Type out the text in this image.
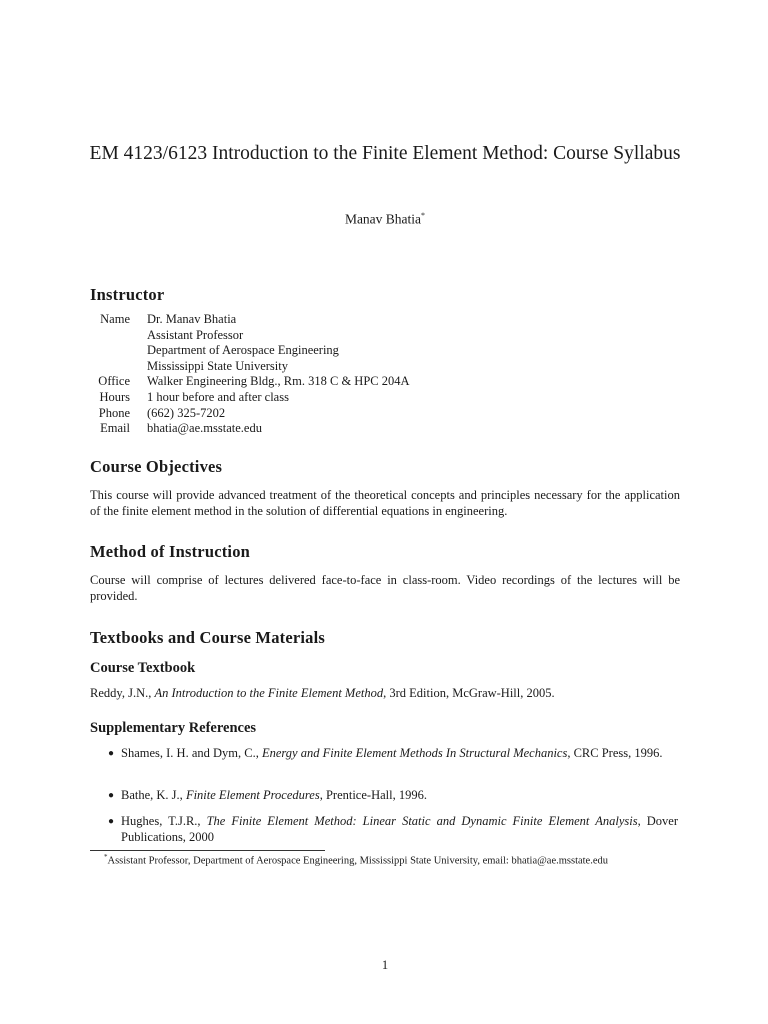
EM 4123/6123 Introduction to the Finite Element Method: Course Syllabus
Manav Bhatia*
Instructor
Name	Dr. Manav Bhatia
	Assistant Professor
	Department of Aerospace Engineering
	Mississippi State University
Office	Walker Engineering Bldg., Rm. 318 C & HPC 204A
Hours	1 hour before and after class
Phone	(662) 325-7202
Email	bhatia@ae.msstate.edu
Course Objectives
This course will provide advanced treatment of the theoretical concepts and principles necessary for the application of the finite element method in the solution of differential equations in engineering.
Method of Instruction
Course will comprise of lectures delivered face-to-face in class-room. Video recordings of the lectures will be provided.
Textbooks and Course Materials
Course Textbook
Reddy, J.N., An Introduction to the Finite Element Method, 3rd Edition, McGraw-Hill, 2005.
Supplementary References
● Shames, I. H. and Dym, C., Energy and Finite Element Methods In Structural Mechanics, CRC Press, 1996.
● Bathe, K. J., Finite Element Procedures, Prentice-Hall, 1996.
● Hughes, T.J.R., The Finite Element Method: Linear Static and Dynamic Finite Element Analysis, Dover Publications, 2000
*Assistant Professor, Department of Aerospace Engineering, Mississippi State University, email: bhatia@ae.msstate.edu
1
